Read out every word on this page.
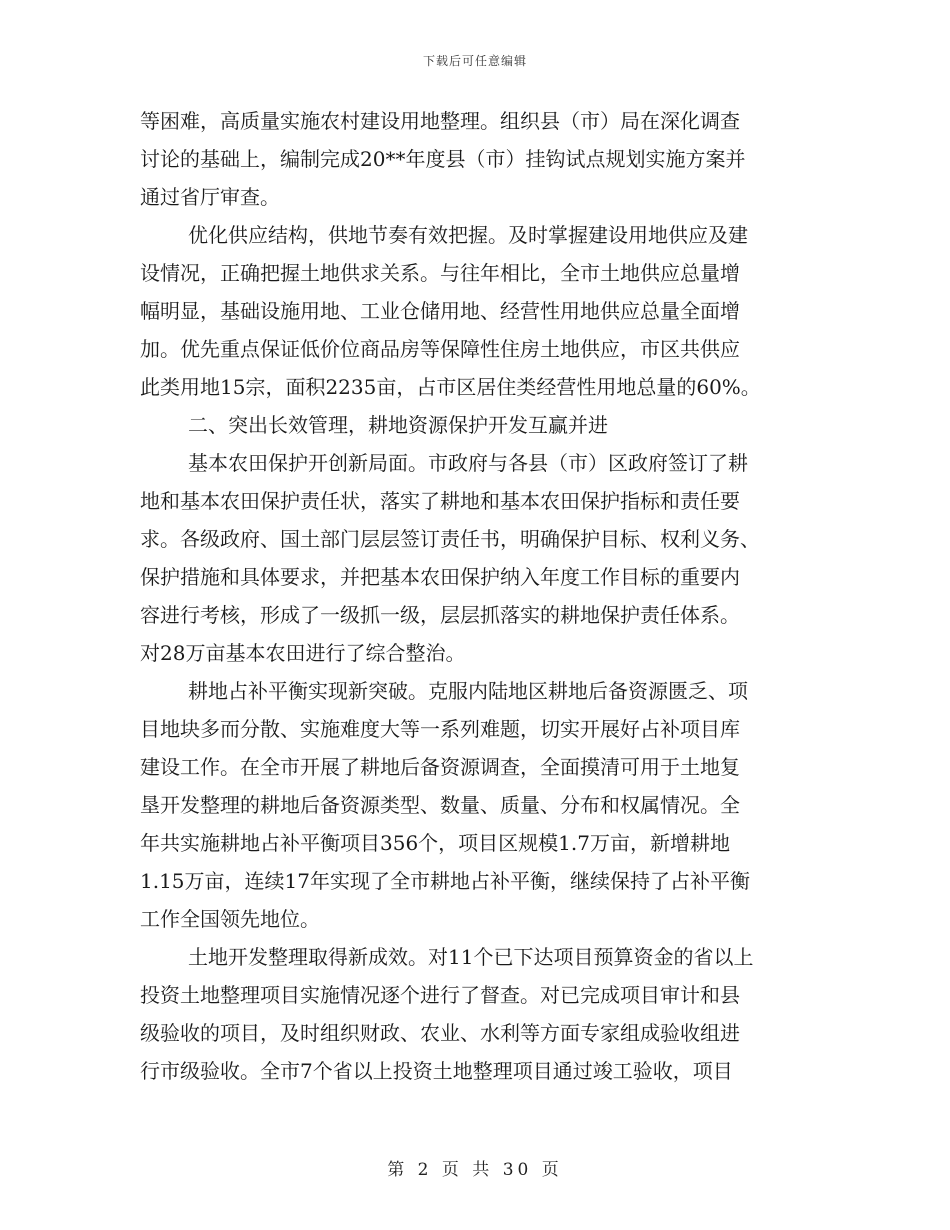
下载后可任意编辑
等困难，高质量实施农村建设用地整理。组织县（市）局在深化调查
讨论的基础上，编制完成20**年度县（市）挂钩试点规划实施方案并
通过省厅审查。
优化供应结构，供地节奏有效把握。及时掌握建设用地供应及建
设情况，正确把握土地供求关系。与往年相比，全市土地供应总量增
幅明显，基础设施用地、工业仓储用地、经营性用地供应总量全面增
加。优先重点保证低价位商品房等保障性住房土地供应，市区共供应
此类用地15宗，面积2235亩，占市区居住类经营性用地总量的60%。
二、突出长效管理，耕地资源保护开发互赢并进
基本农田保护开创新局面。市政府与各县（市）区政府签订了耕
地和基本农田保护责任状，落实了耕地和基本农田保护指标和责任要
求。各级政府、国土部门层层签订责任书，明确保护目标、权利义务、
保护措施和具体要求，并把基本农田保护纳入年度工作目标的重要内
容进行考核，形成了一级抓一级，层层抓落实的耕地保护责任体系。
对28万亩基本农田进行了综合整治。
耕地占补平衡实现新突破。克服内陆地区耕地后备资源匮乏、项
目地块多而分散、实施难度大等一系列难题，切实开展好占补项目库
建设工作。在全市开展了耕地后备资源调查，全面摸清可用于土地复
垦开发整理的耕地后备资源类型、数量、质量、分布和权属情况。全
年共实施耕地占补平衡项目356个，项目区规模1.7万亩，新增耕地
1.15万亩，连续17年实现了全市耕地占补平衡，继续保持了占补平衡
工作全国领先地位。
土地开发整理取得新成效。对11个已下达项目预算资金的省以上
投资土地整理项目实施情况逐个进行了督查。对已完成项目审计和县
级验收的项目，及时组织财政、农业、水利等方面专家组成验收组进
行市级验收。全市7个省以上投资土地整理项目通过竣工验收，项目
第 2 页 共 30 页
